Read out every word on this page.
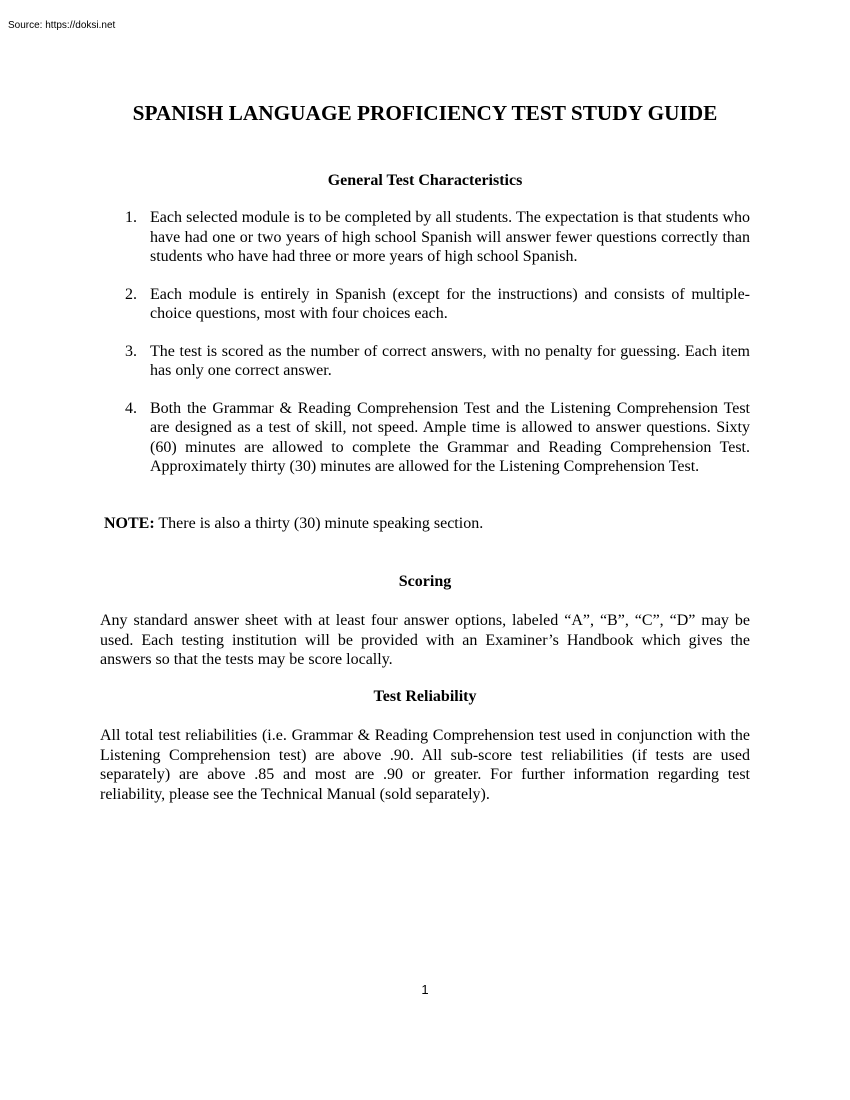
Source: https://doksi.net
SPANISH LANGUAGE PROFICIENCY TEST STUDY GUIDE
General Test Characteristics
1. Each selected module is to be completed by all students. The expectation is that students who have had one or two years of high school Spanish will answer fewer questions correctly than students who have had three or more years of high school Spanish.
2. Each module is entirely in Spanish (except for the instructions) and consists of multiple-choice questions, most with four choices each.
3. The test is scored as the number of correct answers, with no penalty for guessing. Each item has only one correct answer.
4. Both the Grammar & Reading Comprehension Test and the Listening Comprehension Test are designed as a test of skill, not speed. Ample time is allowed to answer questions. Sixty (60) minutes are allowed to complete the Grammar and Reading Comprehension Test. Approximately thirty (30) minutes are allowed for the Listening Comprehension Test.
NOTE: There is also a thirty (30) minute speaking section.
Scoring

Any standard answer sheet with at least four answer options, labeled “A”, “B”, “C”, “D” may be used. Each testing institution will be provided with an Examiner’s Handbook which gives the answers so that the tests may be score locally.

Test Reliability

All total test reliabilities (i.e. Grammar & Reading Comprehension test used in conjunction with the Listening Comprehension test) are above .90. All sub-score test reliabilities (if tests are used separately) are above .85 and most are .90 or greater. For further information regarding test reliability, please see the Technical Manual (sold separately).

1
